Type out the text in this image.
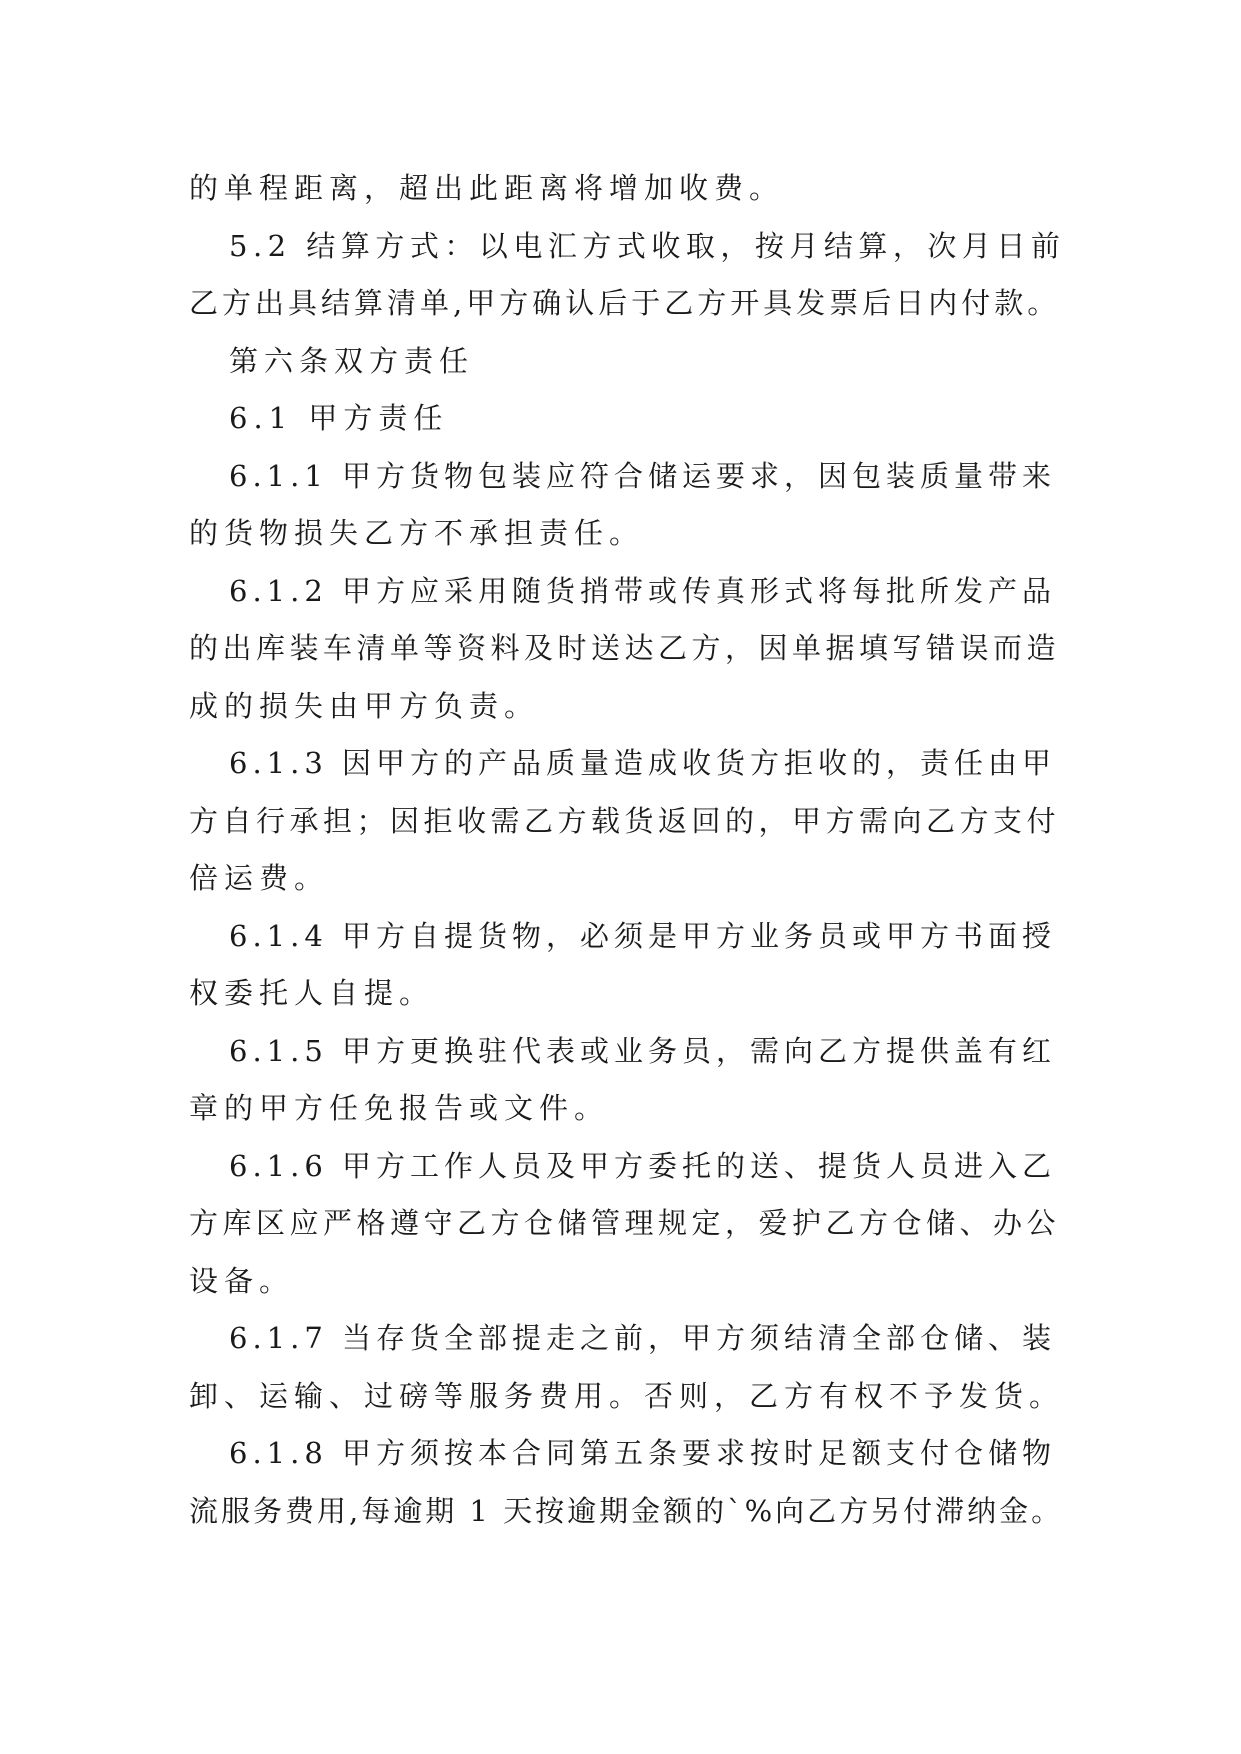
的单程距离，超出此距离将增加收费。
5.2 结算方式：以电汇方式收取，按月结算，次月日前
乙方出具结算清单,甲方确认后于乙方开具发票后日内付款。
第六条双方责任
6.1 甲方责任
6.1.1 甲方货物包装应符合储运要求，因包装质量带来
的货物损失乙方不承担责任。
6.1.2 甲方应采用随货捎带或传真形式将每批所发产品
的出库装车清单等资料及时送达乙方，因单据填写错误而造
成的损失由甲方负责。
6.1.3 因甲方的产品质量造成收货方拒收的，责任由甲
方自行承担；因拒收需乙方载货返回的，甲方需向乙方支付
倍运费。
6.1.4 甲方自提货物，必须是甲方业务员或甲方书面授
权委托人自提。
6.1.5 甲方更换驻代表或业务员，需向乙方提供盖有红
章的甲方任免报告或文件。
6.1.6 甲方工作人员及甲方委托的送、提货人员进入乙
方库区应严格遵守乙方仓储管理规定，爱护乙方仓储、办公
设备。
6.1.7 当存货全部提走之前，甲方须结清全部仓储、装
卸、运输、过磅等服务费用。否则，乙方有权不予发货。
6.1.8 甲方须按本合同第五条要求按时足额支付仓储物
流服务费用,每逾期 1 天按逾期金额的`%向乙方另付滞纳金。
